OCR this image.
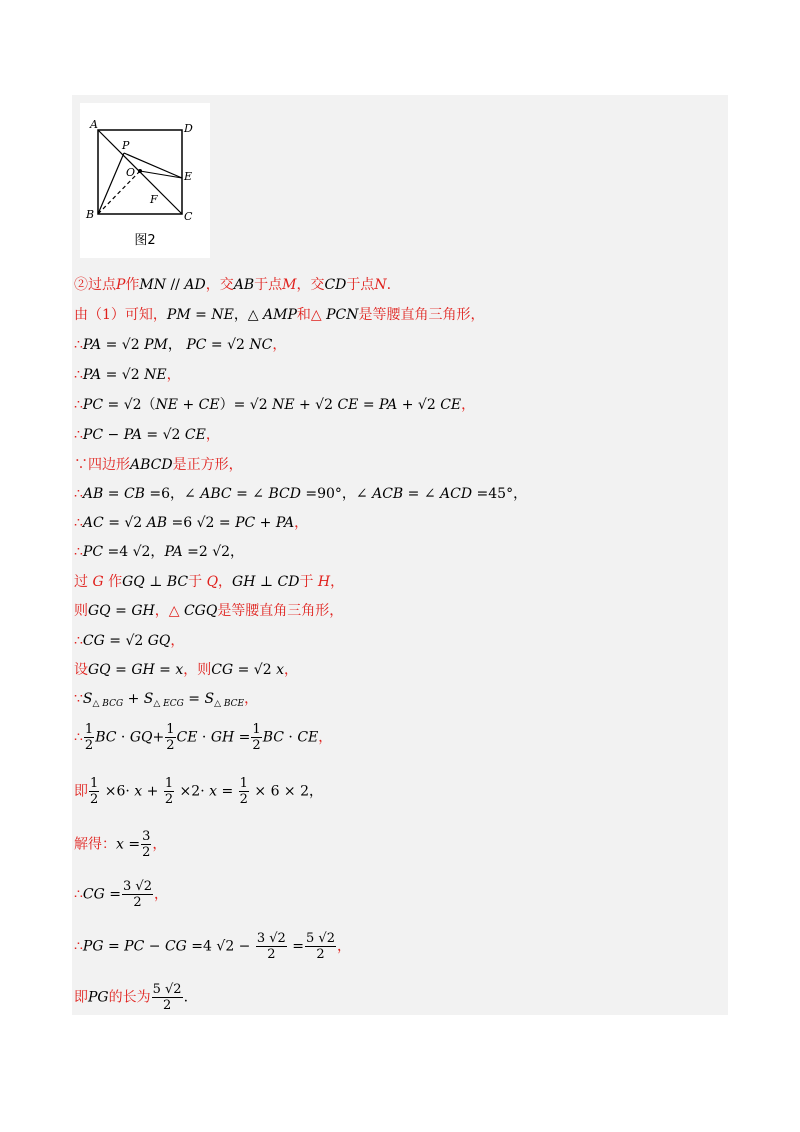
A	D
B	C
P
O	E
F
图2
②过点P作MN // AD，交AB于点M，交CD于点N.
由（1）可知，PM = NE，△ AMP和△ PCN是等腰直角三角形，
∴PA = √2 PM， PC = √2 NC，
∴PA = √2 NE，
∴PC = √2（NE + CE）= √2 NE + √2 CE = PA + √2 CE，
∴PC − PA = √2 CE，
∵四边形ABCD是正方形，
∴AB = CB =6，∠ ABC = ∠ BCD =90°，∠ ACB = ∠ ACD =45°，
∴AC = √2 AB =6 √2 = PC + PA，
∴PC =4 √2，PA =2 √2，
过 G 作GQ ⊥ BC于 Q，GH ⊥ CD于 H，
则GQ = GH，△ CGQ是等腰直角三角形，
∴CG = √2 GQ，
设GQ = GH = x，则CG = √2 x，
$\because S_{\triangle BCG} + S_{\triangle ECG} = S_{\triangle BCE}$，
∴ $\frac{1}{2}$ BC · $GQ+ \frac{1}{2}$ CE · GH = $\frac{1}{2}$ BC · CE，
即 $\frac{1}{2} \times 6\cdot x + \frac{1}{2} \times 2\cdot x = \frac{1}{2} \times 6 \times 2$，
解得：$x = \frac{3}{2}$ ，
∴CG = $\frac{3 √2}{2}$ ，
∴PG = PC − CG =4 $√2 - \frac{3 √2}{2} = \frac{5 √2}{2}$ ，
即PG的长为 $\frac{5 √2}{2}$ .
